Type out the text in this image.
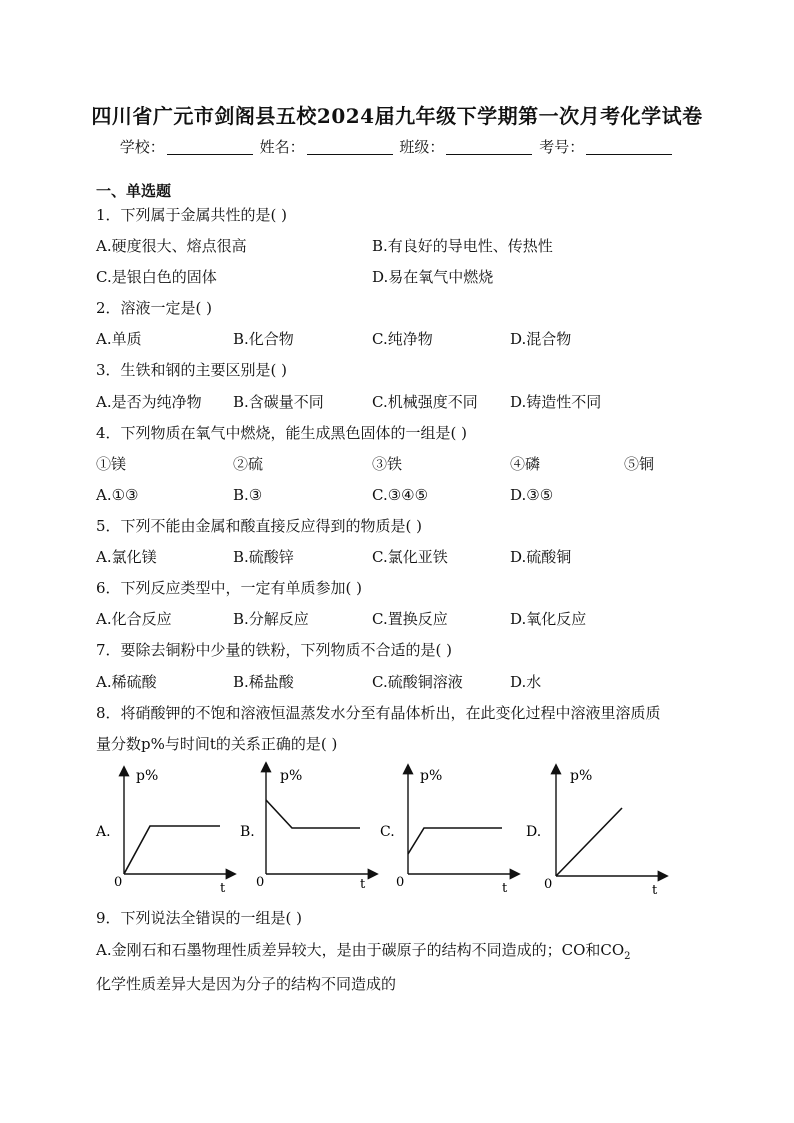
四川省广元市剑阁县五校2024届九年级下学期第一次月考化学试卷
学校：	姓名：	班级：	考号：
一、单选题
1．下列属于金属共性的是( )
A.硬度很大、熔点很高	B.有良好的导电性、传热性
C.是银白色的固体	D.易在氧气中燃烧
2．溶液一定是( )
A.单质	B.化合物	C.纯净物	D.混合物
3．生铁和钢的主要区别是( )
A.是否为纯净物 B.含碳量不同	C.机械强度不同 D.铸造性不同
4．下列物质在氧气中燃烧，能生成黑色固体的一组是( )
①镁	②硫	③铁	④磷	⑤铜
A.①③	B.③	C.③④⑤	D.③⑤
5．下列不能由金属和酸直接反应得到的物质是( )
A.氯化镁	B.硫酸锌	C.氯化亚铁	D.硫酸铜
6．下列反应类型中，一定有单质参加( )
A.化合反应	B.分解反应	C.置换反应	D.氧化反应
7．要除去铜粉中少量的铁粉，下列物质不合适的是( )
A.稀硫酸	B.稀盐酸	C.硫酸铜溶液	D.水
8．将硝酸钾的不饱和溶液恒温蒸发水分至有晶体析出，在此变化过程中溶液里溶质质
量分数p%与时间t的关系正确的是( )
A.
p%
0	t
B.
p%
0	t
C.
p%
0	t
D.
p%
0	t
9．下列说法全错误的一组是( )
A.金刚石和石墨物理性质差异较大，是由于碳原子的结构不同造成的；CO和$CO_2$
化学性质差异大是因为分子的结构不同造成的
